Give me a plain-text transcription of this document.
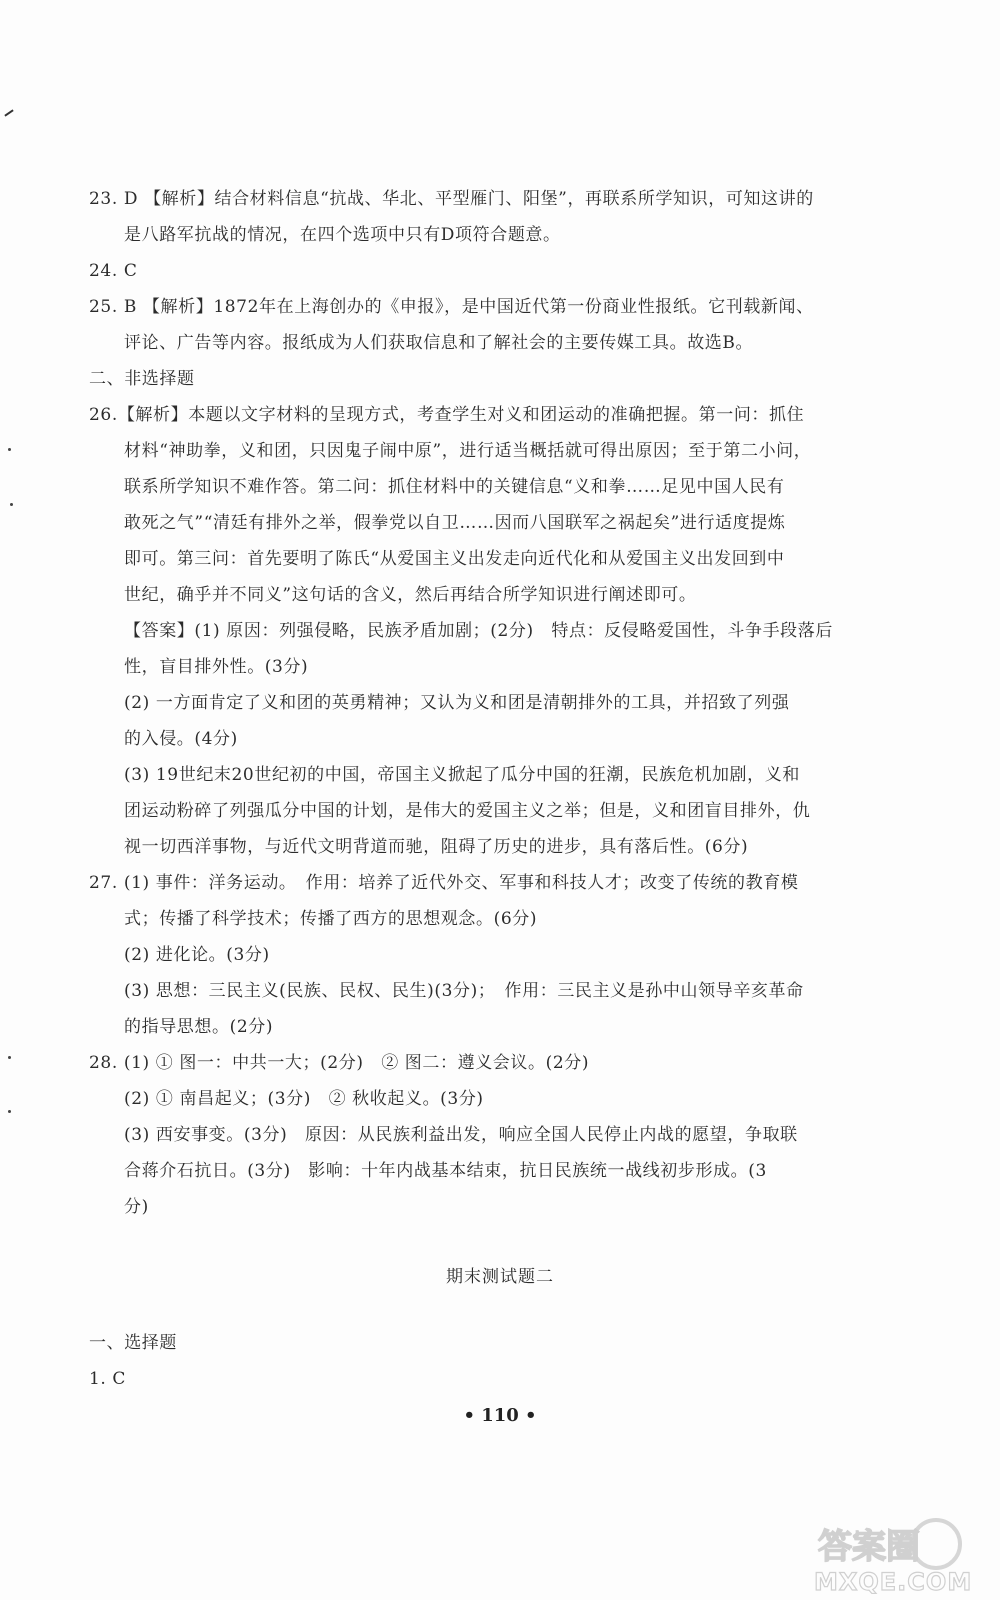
23. D 【解析】结合材料信息“抗战、华北、平型雁门、阳堡”，再联系所学知识，可知这讲的
是八路军抗战的情况，在四个选项中只有D项符合题意。
24. C
25. B 【解析】1872年在上海创办的《申报》，是中国近代第一份商业性报纸。它刊载新闻、
评论、广告等内容。报纸成为人们获取信息和了解社会的主要传媒工具。故选B。
二、非选择题
26.【解析】本题以文字材料的呈现方式，考查学生对义和团运动的准确把握。第一问：抓住
材料“神助拳，义和团，只因鬼子闹中原”，进行适当概括就可得出原因；至于第二小问，
联系所学知识不难作答。第二问：抓住材料中的关键信息“义和拳……足见中国人民有
敢死之气”“清廷有排外之举，假拳党以自卫……因而八国联军之祸起矣”进行适度提炼
即可。第三问：首先要明了陈氏“从爱国主义出发走向近代化和从爱国主义出发回到中
世纪，确乎并不同义”这句话的含义，然后再结合所学知识进行阐述即可。
【答案】(1) 原因：列强侵略，民族矛盾加剧；(2分)　特点：反侵略爱国性，斗争手段落后
性，盲目排外性。(3分)
(2) 一方面肯定了义和团的英勇精神；又认为义和团是清朝排外的工具，并招致了列强
的入侵。(4分)
(3) 19世纪末20世纪初的中国，帝国主义掀起了瓜分中国的狂潮，民族危机加剧，义和
团运动粉碎了列强瓜分中国的计划，是伟大的爱国主义之举；但是，义和团盲目排外，仇
视一切西洋事物，与近代文明背道而驰，阻碍了历史的进步，具有落后性。(6分)
27. (1) 事件：洋务运动。　作用：培养了近代外交、军事和科技人才；改变了传统的教育模
式；传播了科学技术；传播了西方的思想观念。(6分)
(2) 进化论。(3分)
(3) 思想：三民主义(民族、民权、民生)(3分)；　作用：三民主义是孙中山领导辛亥革命
的指导思想。(2分)
28. (1) ① 图一：中共一大；(2分)　② 图二：遵义会议。(2分)
(2) ① 南昌起义；(3分)　② 秋收起义。(3分)
(3) 西安事变。(3分)　原因：从民族利益出发，响应全国人民停止内战的愿望，争取联
合蒋介石抗日。(3分)　影响：十年内战基本结束，抗日民族统一战线初步形成。(3
分)
期末测试题二
一、选择题
1. C
• 110 •
答案圈
MXQE.COM
